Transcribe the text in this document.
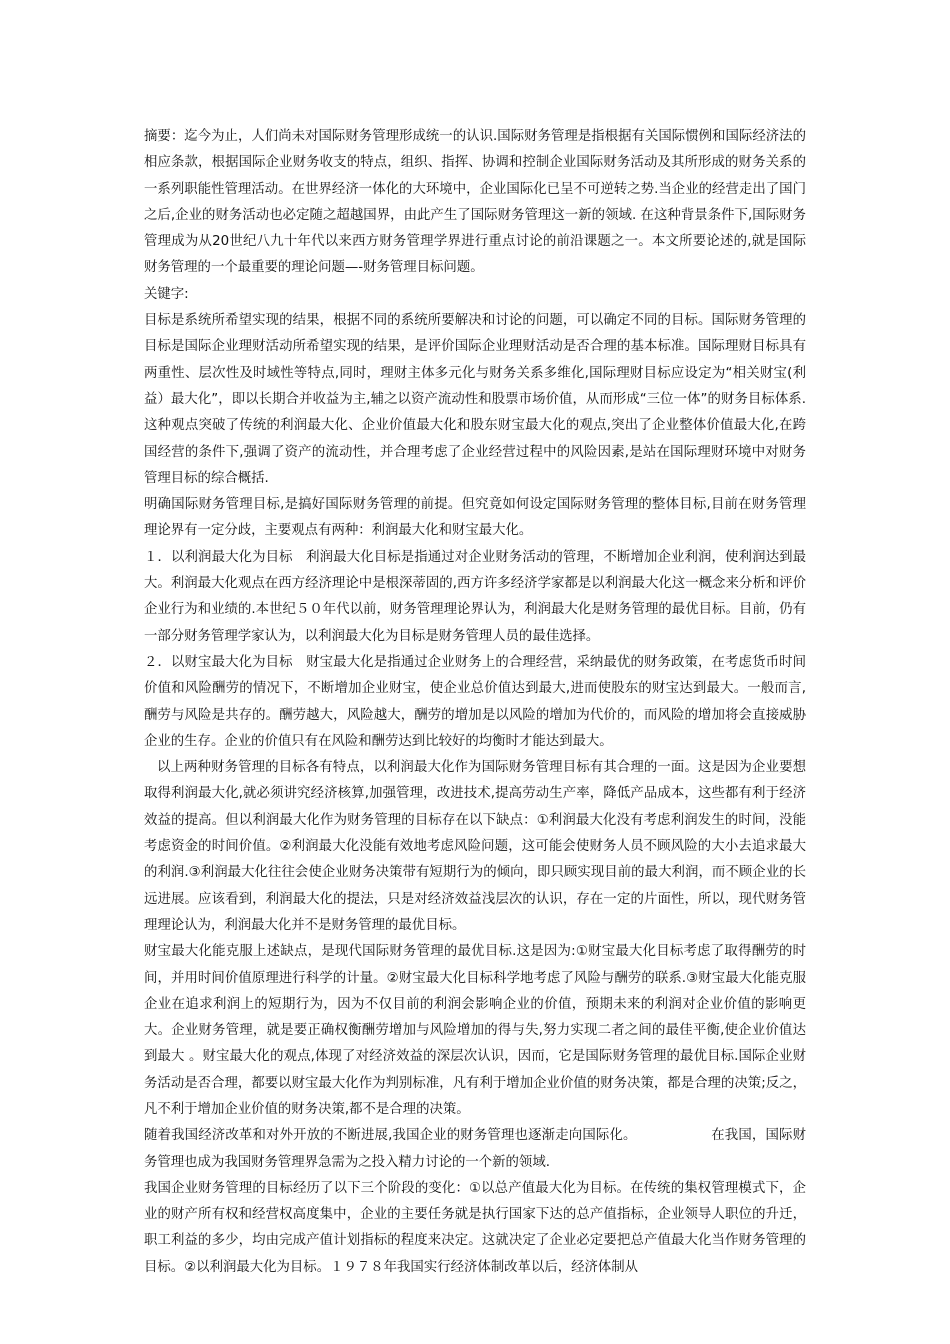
摘要：迄今为止，人们尚未对国际财务管理形成统一的认识.国际财务管理是指根据有关国际惯例和国际经济法的相应条款，根据国际企业财务收支的特点，组织、指挥、协调和控制企业国际财务活动及其所形成的财务关系的一系列职能性管理活动。在世界经济一体化的大环境中，企业国际化已呈不可逆转之势.当企业的经营走出了国门之后,企业的财务活动也必定随之超越国界，由此产生了国际财务管理这一新的领域. 在这种背景条件下,国际财务管理成为从20世纪八九十年代以来西方财务管理学界进行重点讨论的前沿课题之一。本文所要论述的,就是国际财务管理的一个最重要的理论问题—-财务管理目标问题。

关键字:

目标是系统所希望实现的结果，根据不同的系统所要解决和讨论的问题，可以确定不同的目标。国际财务管理的目标是国际企业理财活动所希望实现的结果，是评价国际企业理财活动是否合理的基本标准。国际理财目标具有两重性、层次性及时域性等特点,同时，理财主体多元化与财务关系多维化,国际理财目标应设定为“相关财宝(利益）最大化”，即以长期合并收益为主,辅之以资产流动性和股票市场价值，从而形成“三位一体”的财务目标体系.这种观点突破了传统的利润最大化、企业价值最大化和股东财宝最大化的观点,突出了企业整体价值最大化,在跨国经营的条件下,强调了资产的流动性，并合理考虑了企业经营过程中的风险因素,是站在国际理财环境中对财务管理目标的综合概括.

明确国际财务管理目标,是搞好国际财务管理的前提。但究竟如何设定国际财务管理的整体目标,目前在财务管理理论界有一定分歧，主要观点有两种：利润最大化和财宝最大化。

１．以利润最大化为目标　利润最大化目标是指通过对企业财务活动的管理，不断增加企业利润，使利润达到最大。利润最大化观点在西方经济理论中是根深蒂固的,西方许多经济学家都是以利润最大化这一概念来分析和评价企业行为和业绩的.本世纪５０年代以前，财务管理理论界认为，利润最大化是财务管理的最优目标。目前，仍有一部分财务管理学家认为，以利润最大化为目标是财务管理人员的最佳选择。

２．以财宝最大化为目标　财宝最大化是指通过企业财务上的合理经营，采纳最优的财务政策，在考虑货币时间价值和风险酬劳的情况下，不断增加企业财宝，使企业总价值达到最大,进而使股东的财宝达到最大。一般而言,酬劳与风险是共存的。酬劳越大，风险越大，酬劳的增加是以风险的增加为代价的，而风险的增加将会直接威胁企业的生存。企业的价值只有在风险和酬劳达到比较好的均衡时才能达到最大。

以上两种财务管理的目标各有特点，以利润最大化作为国际财务管理目标有其合理的一面。这是因为企业要想取得利润最大化,就必须讲究经济核算,加强管理，改进技术,提高劳动生产率，降低产品成本，这些都有利于经济效益的提高。但以利润最大化作为财务管理的目标存在以下缺点：①利润最大化没有考虑利润发生的时间，没能考虑资金的时间价值。②利润最大化没能有效地考虑风险问题，这可能会使财务人员不顾风险的大小去追求最大的利润.③利润最大化往往会使企业财务决策带有短期行为的倾向，即只顾实现目前的最大利润，而不顾企业的长远进展。应该看到，利润最大化的提法，只是对经济效益浅层次的认识，存在一定的片面性，所以，现代财务管理理论认为，利润最大化并不是财务管理的最优目标。

财宝最大化能克服上述缺点，是现代国际财务管理的最优目标.这是因为:①财宝最大化目标考虑了取得酬劳的时间，并用时间价值原理进行科学的计量。②财宝最大化目标科学地考虑了风险与酬劳的联系.③财宝最大化能克服企业在追求利润上的短期行为，因为不仅目前的利润会影响企业的价值，预期未来的利润对企业价值的影响更大。企业财务管理，就是要正确权衡酬劳增加与风险增加的得与失,努力实现二者之间的最佳平衡,使企业价值达到最大 。财宝最大化的观点,体现了对经济效益的深层次认识，因而，它是国际财务管理的最优目标.国际企业财务活动是否合理，都要以财宝最大化作为判别标准，凡有利于增加企业价值的财务决策，都是合理的决策;反之，凡不利于增加企业价值的财务决策,都不是合理的决策。

随着我国经济改革和对外开放的不断进展,我国企业的财务管理也逐渐走向国际化。　　　　　　在我国，国际财务管理也成为我国财务管理界急需为之投入精力讨论的一个新的领域.

我国企业财务管理的目标经历了以下三个阶段的变化：①以总产值最大化为目标。在传统的集权管理模式下，企业的财产所有权和经营权高度集中，企业的主要任务就是执行国家下达的总产值指标，企业领导人职位的升迁，职工利益的多少，均由完成产值计划指标的程度来决定。这就决定了企业必定要把总产值最大化当作财务管理的目标。②以利润最大化为目标。１９７８年我国实行经济体制改革以后，经济体制从
